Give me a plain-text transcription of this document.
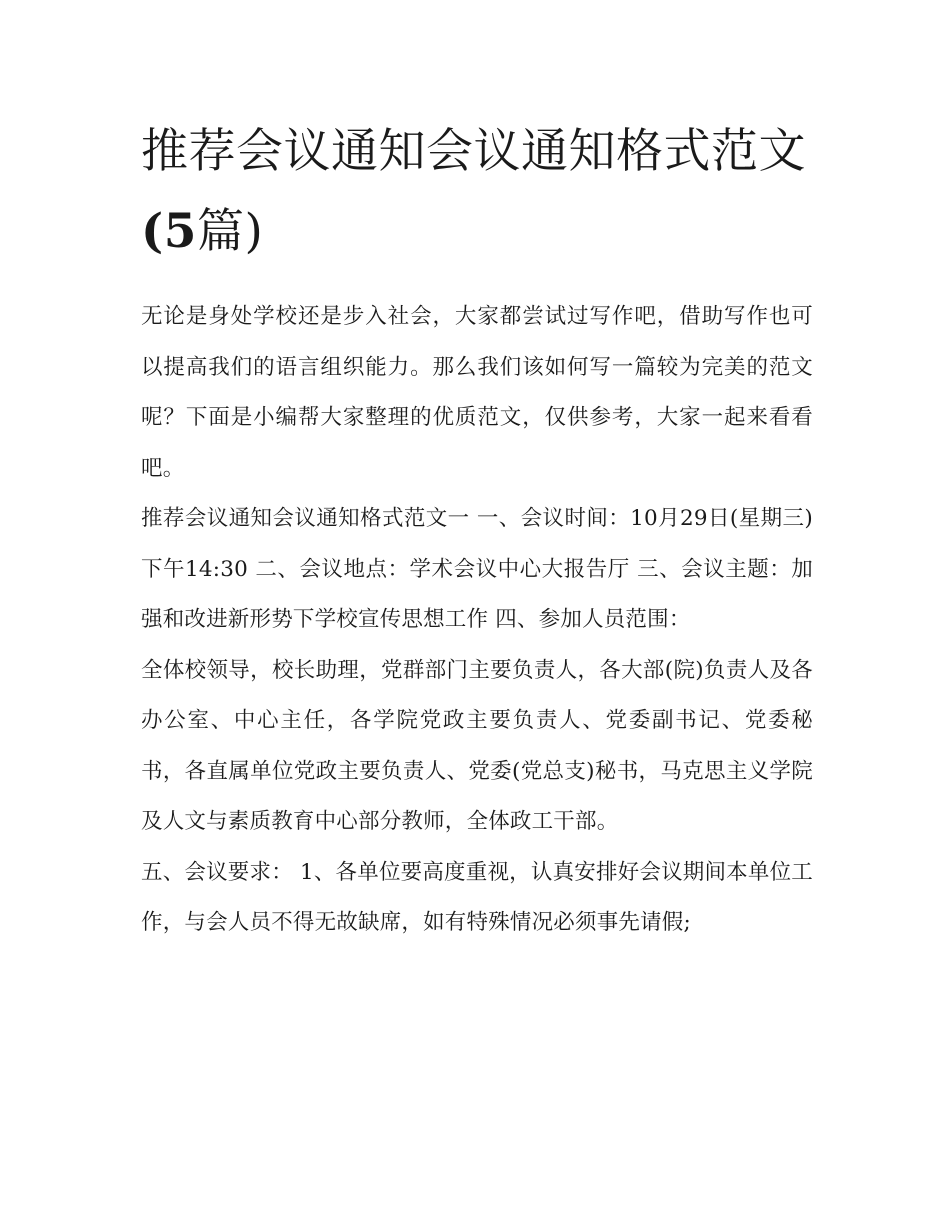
推荐会议通知会议通知格式范文(5篇)

无论是身处学校还是步入社会，大家都尝试过写作吧，借助写作也可以提高我们的语言组织能力。那么我们该如何写一篇较为完美的范文呢？下面是小编帮大家整理的优质范文，仅供参考，大家一起来看看吧。

推荐会议通知会议通知格式范文一 一、会议时间：10月29日(星期三)下午14:30 二、会议地点：学术会议中心大报告厅 三、会议主题：加强和改进新形势下学校宣传思想工作 四、参加人员范围：

全体校领导，校长助理，党群部门主要负责人，各大部(院)负责人及各办公室、中心主任，各学院党政主要负责人、党委副书记、党委秘书，各直属单位党政主要负责人、党委(党总支)秘书，马克思主义学院及人文与素质教育中心部分教师，全体政工干部。

五、会议要求： 1、各单位要高度重视，认真安排好会议期间本单位工作，与会人员不得无故缺席，如有特殊情况必须事先请假;
